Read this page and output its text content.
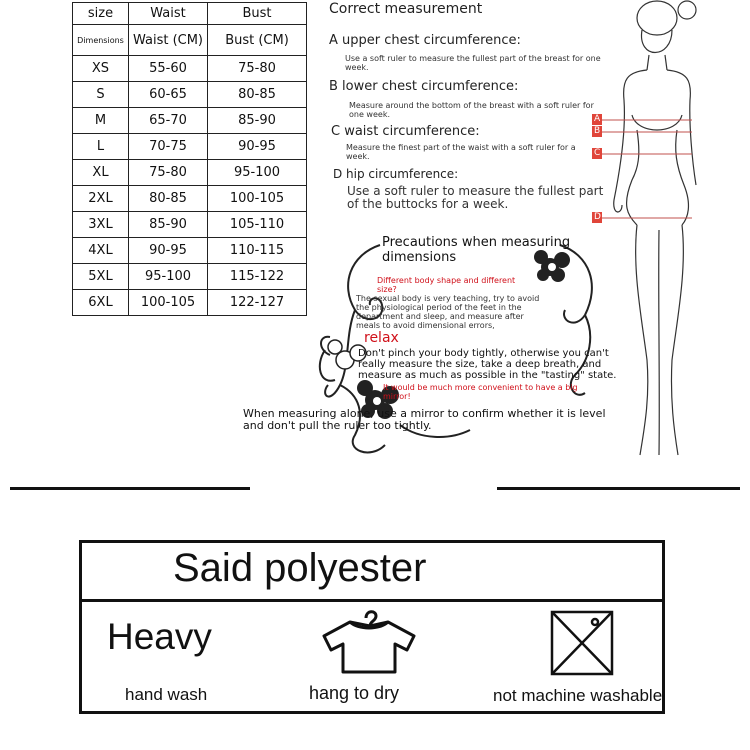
size	Waist	Bust
Dimensions	Waist (CM)	Bust (CM)
XS	55-60	75-80
S	60-65	80-85
M	65-70	85-90
L	70-75	90-95
XL	75-80	95-100
2XL	80-85	100-105
3XL	85-90	105-110
4XL	90-95	110-115
5XL	95-100	115-122
6XL	100-105	122-127
A
B
C
D
Correct measurement
A upper chest circumference:
Use a soft ruler to measure the fullest part of the breast for one week.
B lower chest circumference:
Measure around the bottom of the breast with a soft ruler for one week.
C waist circumference:
Measure the finest part of the waist with a soft ruler for a week.
D hip circumference:
Use a soft ruler to measure the fullest part of the buttocks for a week.
Precautions when measuring dimensions
Different body shape and different size?
The sexual body is very teaching, try to avoid the physiological period of the feet in the department and sleep, and measure after meals to avoid dimensional errors,
relax
Don't pinch your body tightly, otherwise you can't really measure the size, take a deep breath, and measure as much as possible in the "tasting" state.
It would be much more convenient to have a big mirror!
When measuring alone, use a mirror to confirm whether it is level and don't pull the ruler too tightly.
Said polyester
Heavy
hand wash	hang to dry	not machine washable
